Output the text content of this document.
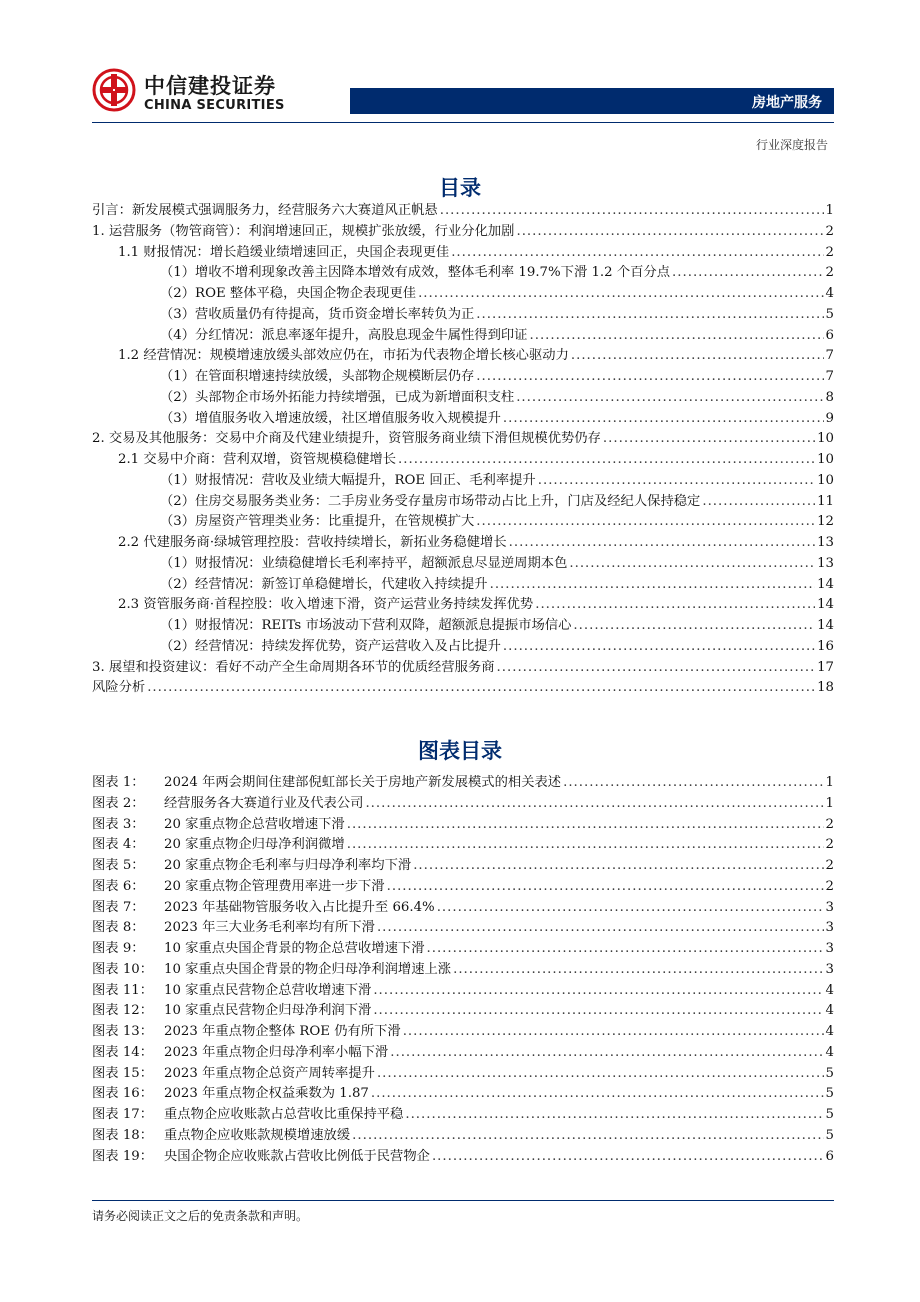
中信建投证券
CHINA SECURITIES	房地产服务
行业深度报告
目录
引言：新发展模式强调服务力，经营服务六大赛道风正帆悬 .....	1
1. 运营服务（物管商管）：利润增速回正，规模扩张放缓，行业分化加剧 .....	2
1.1 财报情况：增长趋缓业绩增速回正，央国企表现更佳 .....	2
（1）增收不增利现象改善主因降本增效有成效，整体毛利率 19.7%下滑 1.2 个百分点 .....	2
（2）ROE 整体平稳，央国企物企表现更佳 .....	4
（3）营收质量仍有待提高，货币资金增长率转负为正 .....	5
（4）分红情况：派息率逐年提升，高股息现金牛属性得到印证 .....	6
1.2 经营情况：规模增速放缓头部效应仍在，市拓为代表物企增长核心驱动力 .....	7
（1）在管面积增速持续放缓，头部物企规模断层仍存 .....	7
（2）头部物企市场外拓能力持续增强，已成为新增面积支柱 .....	8
（3）增值服务收入增速放缓，社区增值服务收入规模提升 .....	9
2. 交易及其他服务：交易中介商及代建业绩提升，资管服务商业绩下滑但规模优势仍存 .....	10
2.1 交易中介商：营利双增，资管规模稳健增长 .....	10
（1）财报情况：营收及业绩大幅提升，ROE 回正、毛利率提升 .....	10
（2）住房交易服务类业务：二手房业务受存量房市场带动占比上升，门店及经纪人保持稳定 .....	11
（3）房屋资产管理类业务：比重提升，在管规模扩大 .....	12
2.2 代建服务商·绿城管理控股：营收持续增长，新拓业务稳健增长 .....	13
（1）财报情况：业绩稳健增长毛利率持平，超额派息尽显逆周期本色 .....	13
（2）经营情况：新签订单稳健增长，代建收入持续提升 .....	14
2.3 资管服务商·首程控股：收入增速下滑，资产运营业务持续发挥优势 .....	14
（1）财报情况：REITs 市场波动下营利双降，超额派息提振市场信心 .....	14
（2）经营情况：持续发挥优势，资产运营收入及占比提升 .....	16
3. 展望和投资建议：看好不动产全生命周期各环节的优质经营服务商 .....	17
风险分析 .....	18
图表目录
图表 1：	2024 年两会期间住建部倪虹部长关于房地产新发展模式的相关表述 .....	1
图表 2：	经营服务各大赛道行业及代表公司 .....	1
图表 3：	20 家重点物企总营收增速下滑 .....	2
图表 4：	20 家重点物企归母净利润微增 .....	2
图表 5：	20 家重点物企毛利率与归母净利率均下滑 .....	2
图表 6：	20 家重点物企管理费用率进一步下滑 .....	2
图表 7：	2023 年基础物管服务收入占比提升至 66.4% .....	3
图表 8：	2023 年三大业务毛利率均有所下滑 .....	3
图表 9：	10 家重点央国企背景的物企总营收增速下滑 .....	3
图表 10： 10 家重点央国企背景的物企归母净利润增速上涨 .....	3
图表 11： 10 家重点民营物企总营收增速下滑 .....	4
图表 12： 10 家重点民营物企归母净利润下滑 .....	4
图表 13： 2023 年重点物企整体 ROE 仍有所下滑 .....	4
图表 14： 2023 年重点物企归母净利率小幅下滑 .....	4
图表 15： 2023 年重点物企总资产周转率提升 .....	5
图表 16： 2023 年重点物企权益乘数为 1.87 .....	5
图表 17： 重点物企应收账款占总营收比重保持平稳 .....	5
图表 18： 重点物企应收账款规模增速放缓 .....	5
图表 19： 央国企物企应收账款占营收比例低于民营物企 .....	6
请务必阅读正文之后的免责条款和声明。
